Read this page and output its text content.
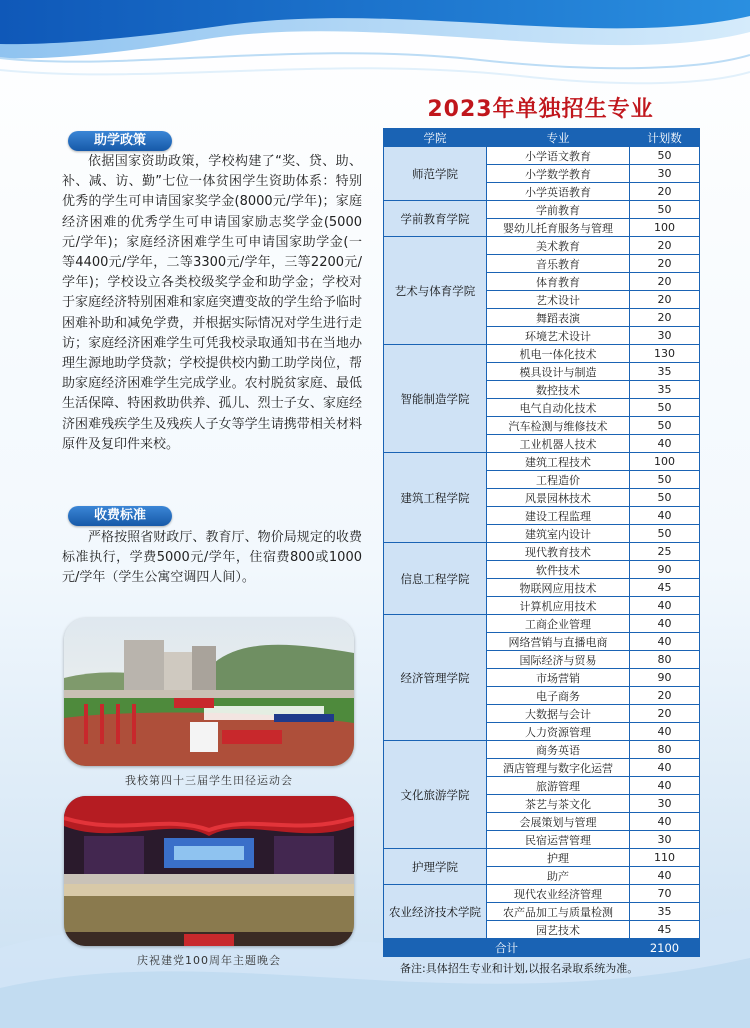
2023年单独招生专业
助学政策
依据国家资助政策，学校构建了“奖、贷、助、补、减、访、勤”七位一体贫困学生资助体系：特别优秀的学生可申请国家奖学金(8000元/学年)；家庭经济困难的优秀学生可申请国家励志奖学金(5000元/学年)；家庭经济困难学生可申请国家助学金(一等4400元/学年，二等3300元/学年，三等2200元/学年)；学校设立各类校级奖学金和助学金；学校对于家庭经济特别困难和家庭突遭变故的学生给予临时困难补助和减免学费，并根据实际情况对学生进行走访；家庭经济困难学生可凭我校录取通知书在当地办理生源地助学贷款；学校提供校内勤工助学岗位，帮助家庭经济困难学生完成学业。农村脱贫家庭、最低生活保障、特困救助供养、孤儿、烈士子女、家庭经济困难残疾学生及残疾人子女等学生请携带相关材料原件及复印件来校。
收费标准
严格按照省财政厅、教育厅、物价局规定的收费标准执行，学费5000元/学年，住宿费800或1000元/学年（学生公寓空调四人间）。
我校第四十三届学生田径运动会
庆祝建党100周年主题晚会
学院	专业	计划数
师范学院	小学语文教育	50
	小学数学教育	30
	小学英语教育	20
学前教育学院	学前教育	50
	婴幼儿托育服务与管理	100
艺术与体育学院	美术教育	20
	音乐教育	20
	体育教育	20
	艺术设计	20
	舞蹈表演	20
	环境艺术设计	30
智能制造学院	机电一体化技术	130
	模具设计与制造	35
	数控技术	35
	电气自动化技术	50
	汽车检测与维修技术	50
	工业机器人技术	40
建筑工程学院	建筑工程技术	100
	工程造价	50
	风景园林技术	50
	建设工程监理	40
	建筑室内设计	50
信息工程学院	现代教育技术	25
	软件技术	90
	物联网应用技术	45
	计算机应用技术	40
经济管理学院	工商企业管理	40
	网络营销与直播电商	40
	国际经济与贸易	80
	市场营销	90
	电子商务	20
	大数据与会计	20
	人力资源管理	40
文化旅游学院	商务英语	80
	酒店管理与数字化运营	40
	旅游管理	40
	茶艺与茶文化	30
	会展策划与管理	40
	民宿运营管理	30
护理学院	护理	110
	助产	40
农业经济技术学院	现代农业经济管理	70
	农产品加工与质量检测	35
	园艺技术	45
合计		2100
备注:具体招生专业和计划,以报名录取系统为准。
